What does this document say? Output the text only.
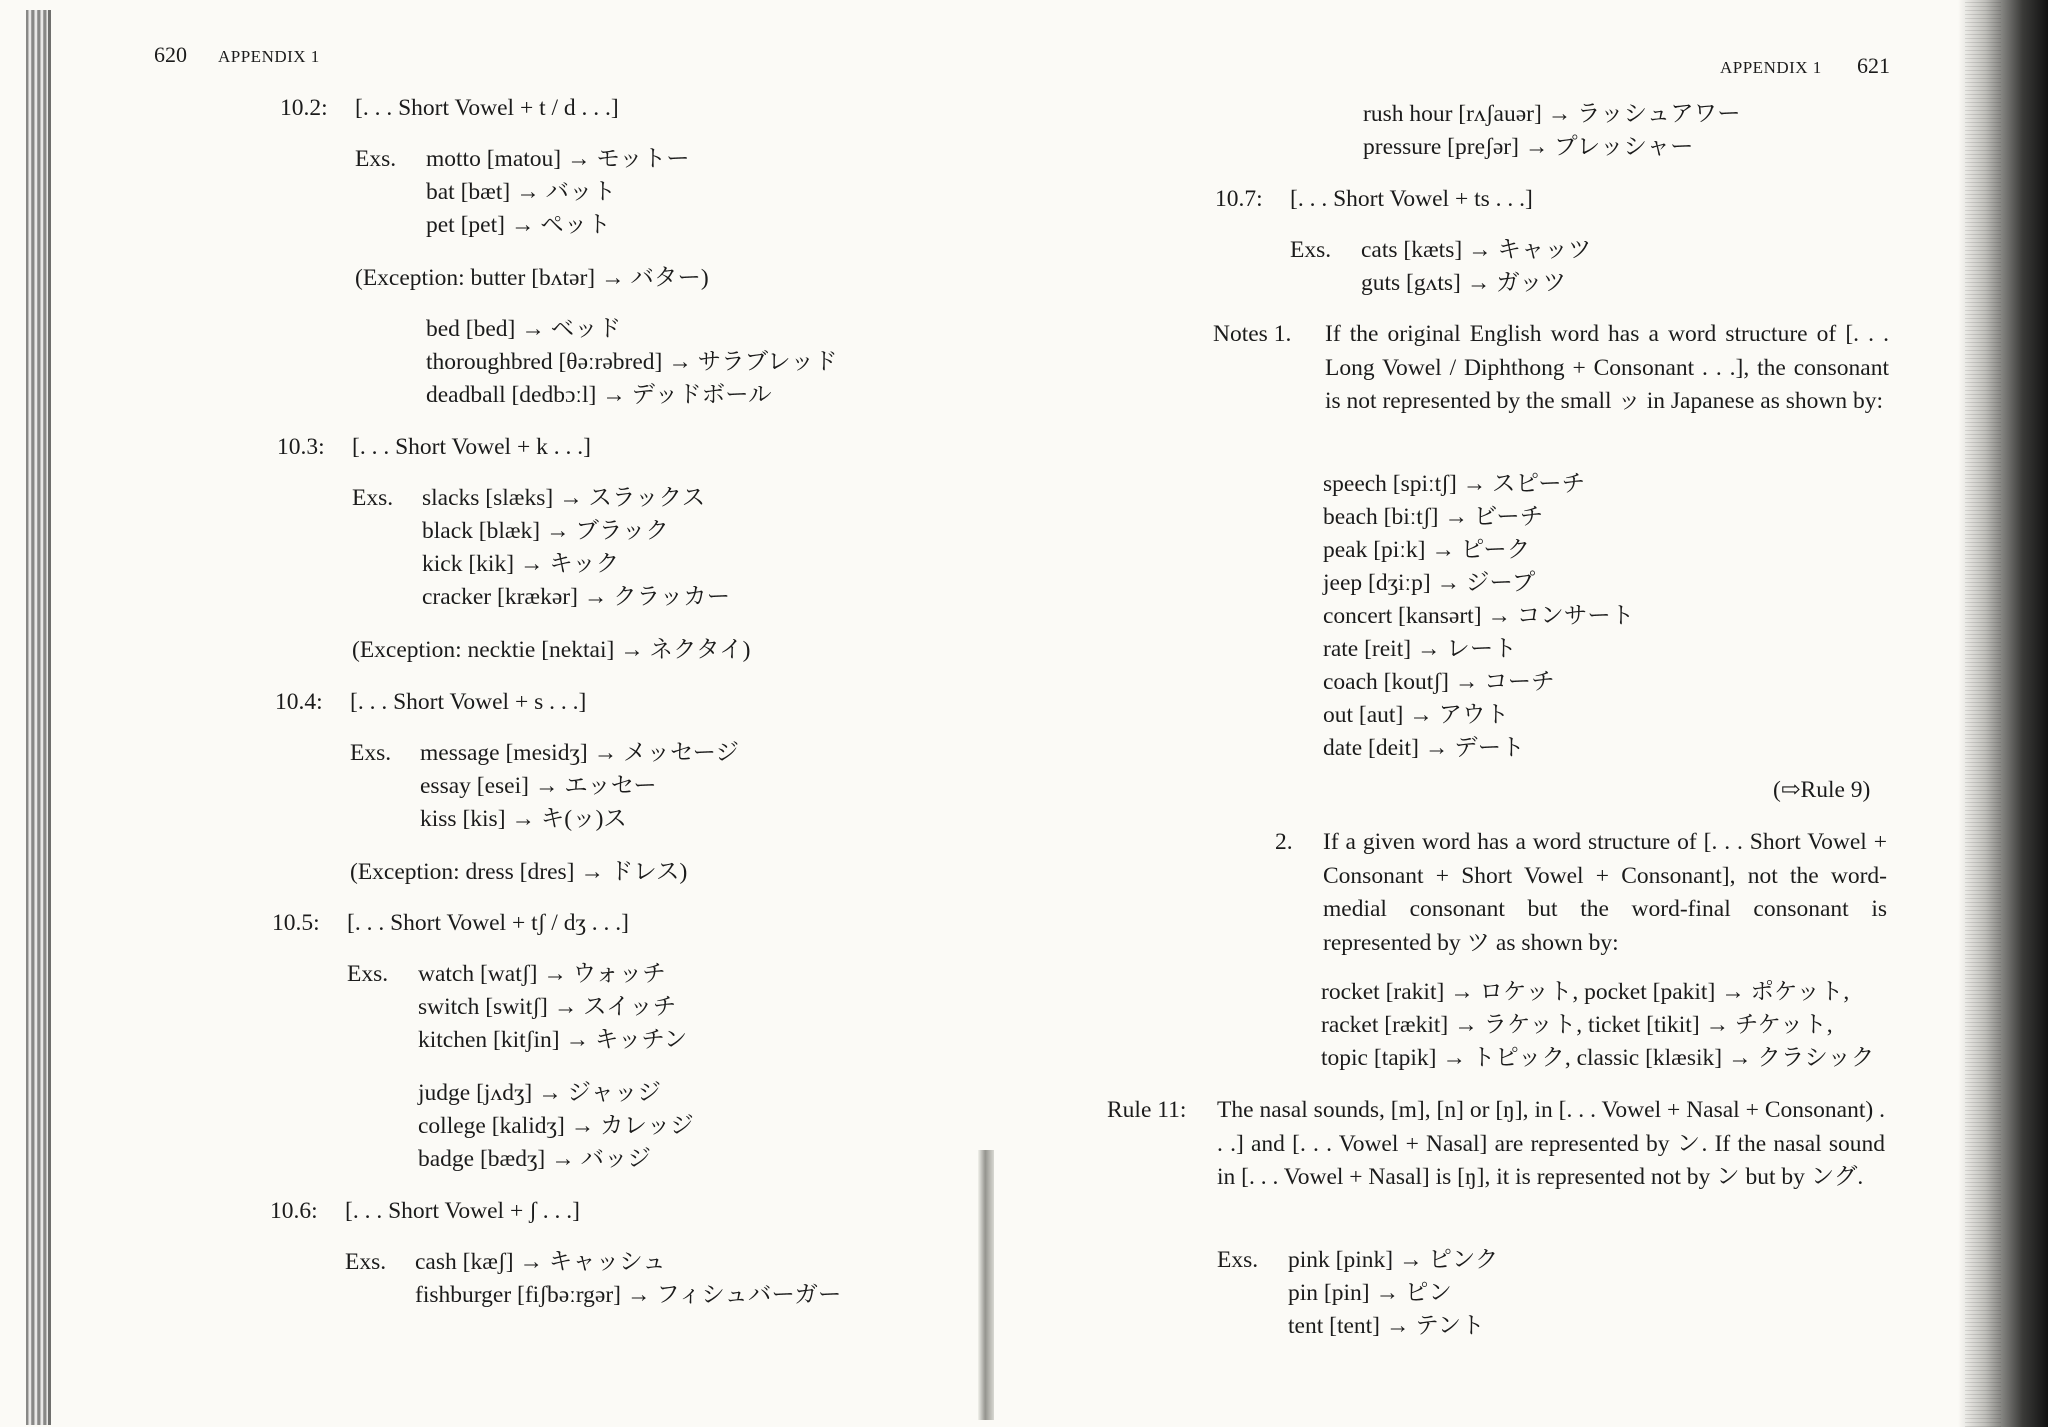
620 APPENDIX 1
10.2: [. . . Short Vowel + t / d . . .]
Exs. motto [matou] → モットー
bat [bæt] → バット
pet [pet] → ペット
(Exception: butter [bʌtər] → バター)
bed [bed] → ベッド
thoroughbred [θəːrəbred] → サラブレッド
deadball [dedbɔːl] → デッドボール
10.3: [. . . Short Vowel + k . . .]
Exs. slacks [slæks] → スラックス
black [blæk] → ブラック
kick [kik] → キック
cracker [krækər] → クラッカー
(Exception: necktie [nektai] → ネクタイ)
10.4: [. . . Short Vowel + s . . .]
Exs. message [mesidʒ] → メッセージ
essay [esei] → エッセー
kiss [kis] → キ(ッ)ス
(Exception: dress [dres] → ドレス)
10.5: [. . . Short Vowel + tʃ / dʒ . . .]
Exs. watch [watʃ] → ウォッチ
switch [switʃ] → スイッチ
kitchen [kitʃin] → キッチン
judge [jʌdʒ] → ジャッジ
college [kalidʒ] → カレッジ
badge [bædʒ] → バッジ
10.6: [. . . Short Vowel + ʃ . . .]
Exs. cash [kæʃ] → キャッシュ
fishburger [fiʃbəːrgər] → フィシュバーガー
APPENDIX 1 621
rush hour [rʌʃauər] → ラッシュアワー
pressure [preʃər] → プレッシャー
10.7: [. . . Short Vowel + ts . . .]
Exs. cats [kæts] → キャッツ
guts [gʌts] → ガッツ
Notes 1. If the original English word has a word structure of [. . . Long Vowel / Diphthong + Consonant . . .], the consonant is not represented by the small ッ in Japanese as shown by:
speech [spiːtʃ] → スピーチ
beach [biːtʃ] → ビーチ
peak [piːk] → ピーク
jeep [dʒiːp] → ジープ
concert [kansərt] → コンサート
rate [reit] → レート
coach [koutʃ] → コーチ
out [aut] → アウト
date [deit] → デート
(⇨Rule 9)
2. If a given word has a word structure of [. . . Short Vowel + Consonant + Short Vowel + Consonant], not the word-medial consonant but the word-final consonant is represented by ツ as shown by:
rocket [rakit] → ロケット, pocket [pakit] → ポケット,
racket [rækit] → ラケット, ticket [tikit] → チケット,
topic [tapik] → トピック, classic [klæsik] → クラシック
Rule 11: The nasal sounds, [m], [n] or [ŋ], in [. . . Vowel + Nasal + Consonant) . . .] and [. . . Vowel + Nasal] are represented by ン. If the nasal sound in [. . . Vowel + Nasal] is [ŋ], it is represented not by ン but by ング.
Exs. pink [pink] → ピンク
pin [pin] → ピン
tent [tent] → テント
